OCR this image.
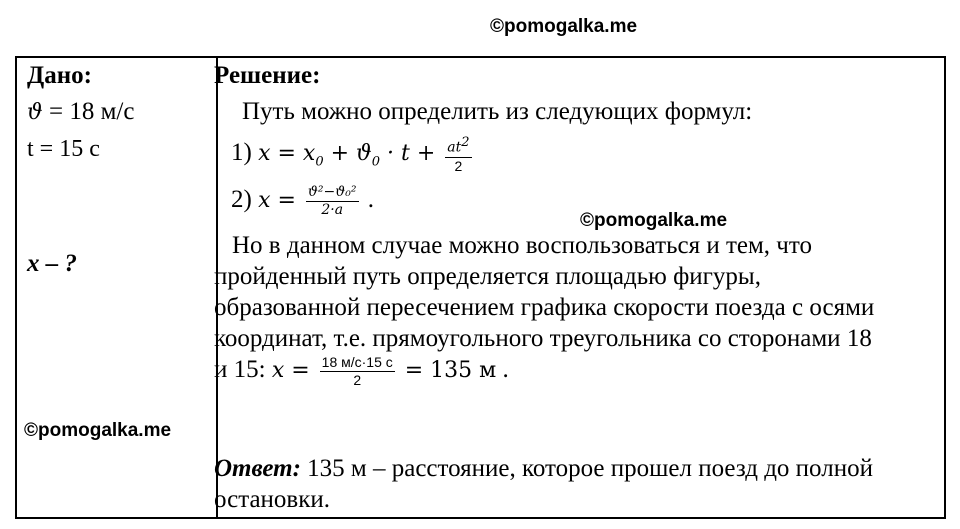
©pomogalka.me
Дано:
ϑ = 18 м/с
t = 15 с
x – ?
Решение:
Путь можно определить из следующих формул:
1) $x = x_0 + ϑ_0 \cdot t + \frac{at^2}{2}$
2) $x = \frac{\text{ϑ²−ϑ₀²}}{2\cdot a}$ .
Но в данном случае можно воспользоваться и тем, что
пройденный путь определяется площадью фигуры,
образованной пересечением графика скорости поезда с осями
координат, т.е. прямоугольного треугольника со сторонами 18
и 15: $x = \frac{18 м/с\cdot 15 с}{2} = 135$ м .
Ответ: 135 м – расстояние, которое прошел поезд до полной
остановки.
©pomogalka.me
©pomogalka.me
